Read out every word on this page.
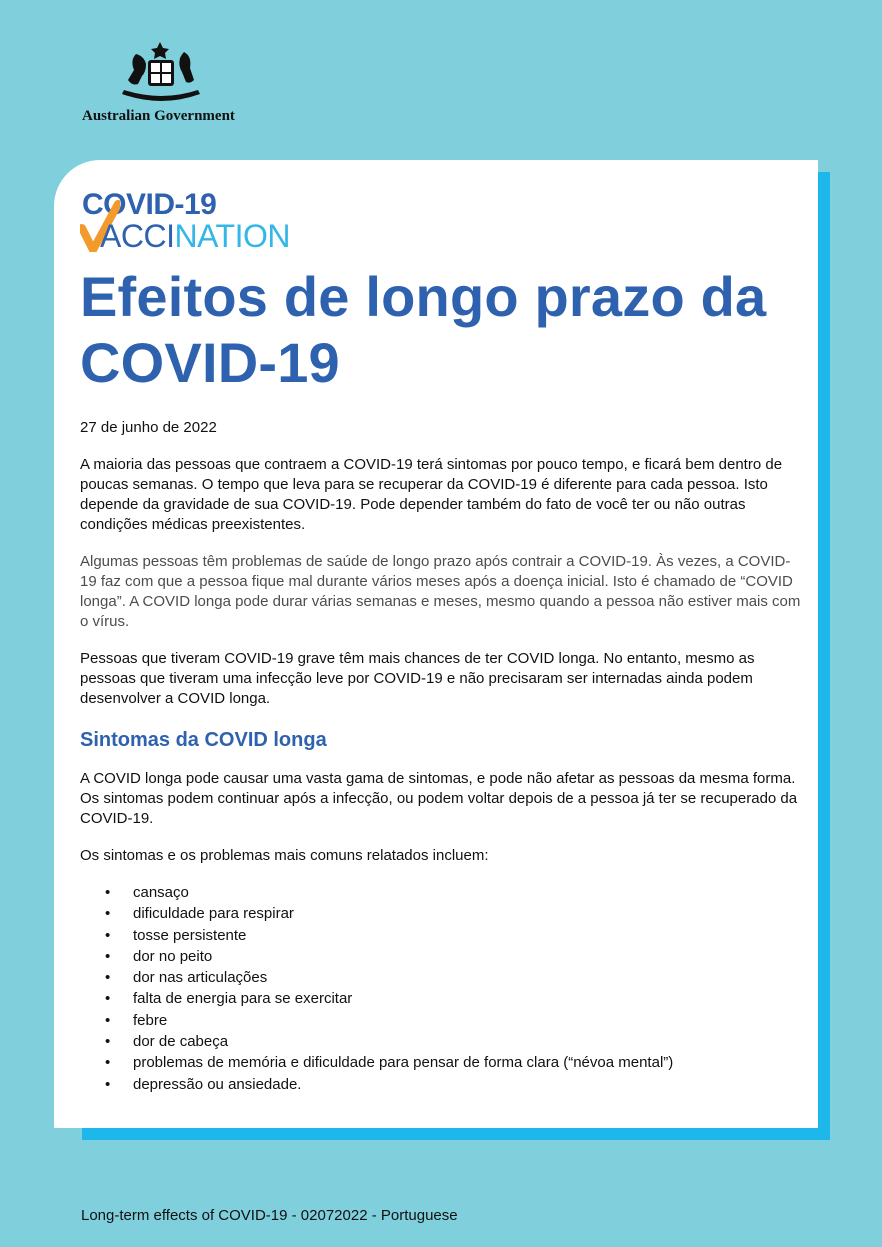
Australian Government
COVID-19
ACCINATION
Efeitos de longo prazo da COVID-19

27 de junho de 2022

A maioria das pessoas que contraem a COVID-19 terá sintomas por pouco tempo, e ficará bem dentro de poucas semanas. O tempo que leva para se recuperar da COVID-19 é diferente para cada pessoa. Isto depende da gravidade de sua COVID-19. Pode depender também do fato de você ter ou não outras condições médicas preexistentes.

Algumas pessoas têm problemas de saúde de longo prazo após contrair a COVID-19. Às vezes, a COVID-19 faz com que a pessoa fique mal durante vários meses após a doença inicial. Isto é chamado de “COVID longa”. A COVID longa pode durar várias semanas e meses, mesmo quando a pessoa não estiver mais com o vírus.

Pessoas que tiveram COVID-19 grave têm mais chances de ter COVID longa. No entanto, mesmo as pessoas que tiveram uma infecção leve por COVID-19 e não precisaram ser internadas ainda podem desenvolver a COVID longa.

Sintomas da COVID longa

A COVID longa pode causar uma vasta gama de sintomas, e pode não afetar as pessoas da mesma forma. Os sintomas podem continuar após a infecção, ou podem voltar depois de a pessoa já ter se recuperado da COVID-19.

Os sintomas e os problemas mais comuns relatados incluem:

• cansaço
• dificuldade para respirar
• tosse persistente
• dor no peito
• dor nas articulações
• falta de energia para se exercitar
• febre
• dor de cabeça
• problemas de memória e dificuldade para pensar de forma clara (“névoa mental”)
• depressão ou ansiedade.
Long-term effects of COVID-19 - 02072022 - Portuguese
